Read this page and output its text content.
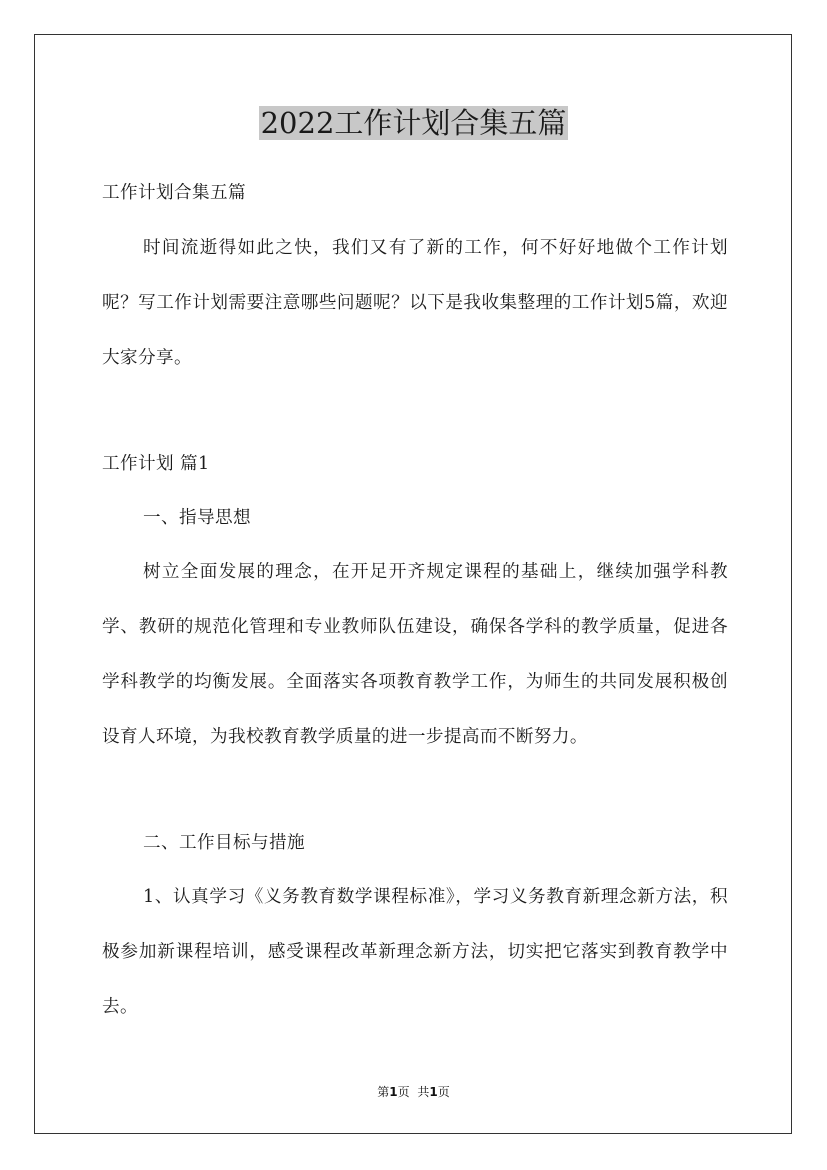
2022工作计划合集五篇

工作计划合集五篇

时间流逝得如此之快，我们又有了新的工作，何不好好地做个工作计划呢？写工作计划需要注意哪些问题呢？以下是我收集整理的工作计划5篇，欢迎大家分享。

工作计划 篇1

一、指导思想

树立全面发展的理念，在开足开齐规定课程的基础上，继续加强学科教学、教研的规范化管理和专业教师队伍建设，确保各学科的教学质量，促进各学科教学的均衡发展。全面落实各项教育教学工作，为师生的共同发展积极创设育人环境，为我校教育教学质量的进一步提高而不断努力。

二、工作目标与措施

1、认真学习《义务教育数学课程标准》，学习义务教育新理念新方法，积极参加新课程培训，感受课程改革新理念新方法，切实把它落实到教育教学中去。

第1页 共1页
